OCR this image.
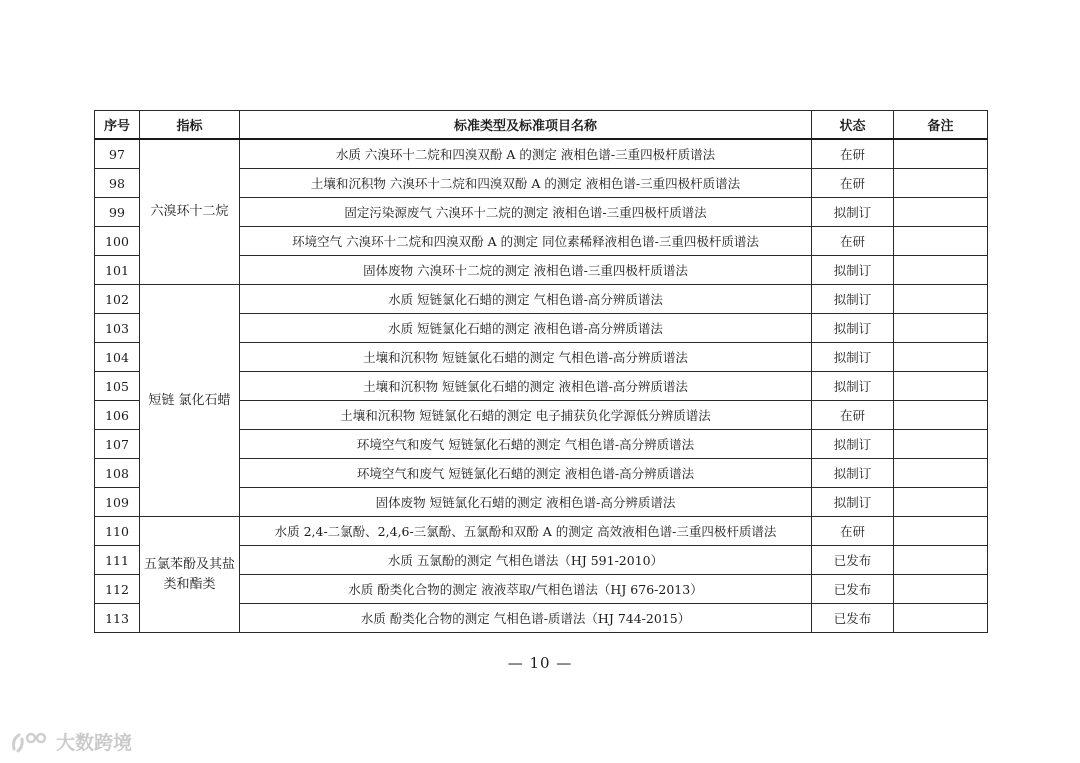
序号	指标	标准类型及标准项目名称	状态	备注
97	六溴环十二烷	水质 六溴环十二烷和四溴双酚 A 的测定 液相色谱-三重四极杆质谱法	在研	
98		土壤和沉积物 六溴环十二烷和四溴双酚 A 的测定 液相色谱-三重四极杆质谱法	在研	
99		固定污染源废气 六溴环十二烷的测定 液相色谱-三重四极杆质谱法	拟制订	
100		环境空气 六溴环十二烷和四溴双酚 A 的测定 同位素稀释液相色谱-三重四极杆质谱法	在研	
101		固体废物 六溴环十二烷的测定 液相色谱-三重四极杆质谱法	拟制订	
102	短链 氯化石蜡	水质 短链氯化石蜡的测定 气相色谱-高分辨质谱法	拟制订	
103		水质 短链氯化石蜡的测定 液相色谱-高分辨质谱法	拟制订	
104		土壤和沉积物 短链氯化石蜡的测定 气相色谱-高分辨质谱法	拟制订	
105		土壤和沉积物 短链氯化石蜡的测定 液相色谱-高分辨质谱法	拟制订	
106		土壤和沉积物 短链氯化石蜡的测定 电子捕获负化学源低分辨质谱法	在研	
107		环境空气和废气 短链氯化石蜡的测定 气相色谱-高分辨质谱法	拟制订	
108		环境空气和废气 短链氯化石蜡的测定 液相色谱-高分辨质谱法	拟制订	
109		固体废物 短链氯化石蜡的测定 液相色谱-高分辨质谱法	拟制订	
110	五氯苯酚及其盐类和酯类	水质 2,4-二氯酚、2,4,6-三氯酚、五氯酚和双酚 A 的测定 高效液相色谱-三重四极杆质谱法	在研	
111		水质 五氯酚的测定 气相色谱法（HJ 591-2010）	已发布	
112		水质 酚类化合物的测定 液液萃取/气相色谱法（HJ 676-2013）	已发布	
113		水质 酚类化合物的测定 气相色谱-质谱法（HJ 744-2015）	已发布	
— 10 —
大数跨境
